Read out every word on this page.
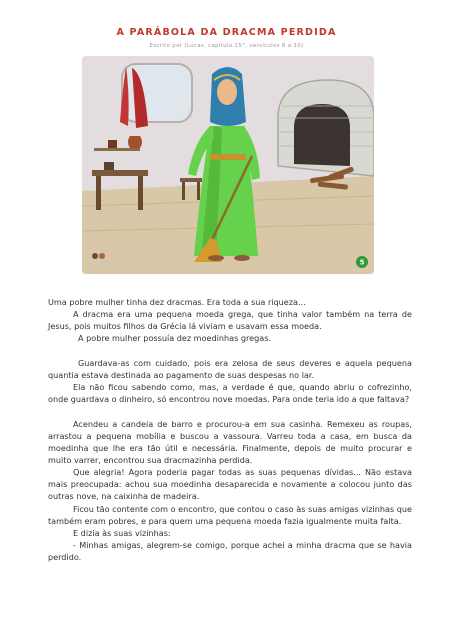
A PARÁBOLA DA DRACMA PERDIDA
Escrito por (Lucas, capítulo 15°, versículos 8 a 10)
5

Uma pobre mulher tinha dez dracmas. Era toda a sua riqueza...

A dracma era uma pequena moeda grega, que tinha valor também na terra de Jesus, pois muitos filhos da Grécia lá viviam e usavam essa moeda.

A pobre mulher possuía dez moedinhas gregas.

Guardava-as com cuidado, pois era zelosa de seus deveres e aquela pequena quantia estava destinada ao pagamento de suas despesas no lar.

Ela não ficou sabendo como, mas, a verdade é que, quando abriu o cofrezinho, onde guardava o dinheiro, só encontrou nove moedas. Para onde teria ido a que faltava?

Acendeu a candeia de barro e procurou-a em sua casinha. Remexeu as roupas, arrastou a pequena mobília e buscou a vassoura. Varreu toda a casa, em busca da moedinha que lhe era tão útil e necessária. Finalmente, depois de muito procurar e muito varrer, encontrou sua dracmazinha perdida.

Que alegria! Agora poderia pagar todas as suas pequenas dívidas... Não estava mais preocupada: achou sua moedinha desaparecida e novamente a colocou junto das outras nove, na caixinha de madeira.

Ficou tão contente com o encontro, que contou o caso às suas amigas vizinhas que também eram pobres, e para quem uma pequena moeda fazia igualmente muita falta.

E dizia às suas vizinhas:

- Minhas amigas, alegrem-se comigo, porque achei a minha dracma que se havia perdido.
